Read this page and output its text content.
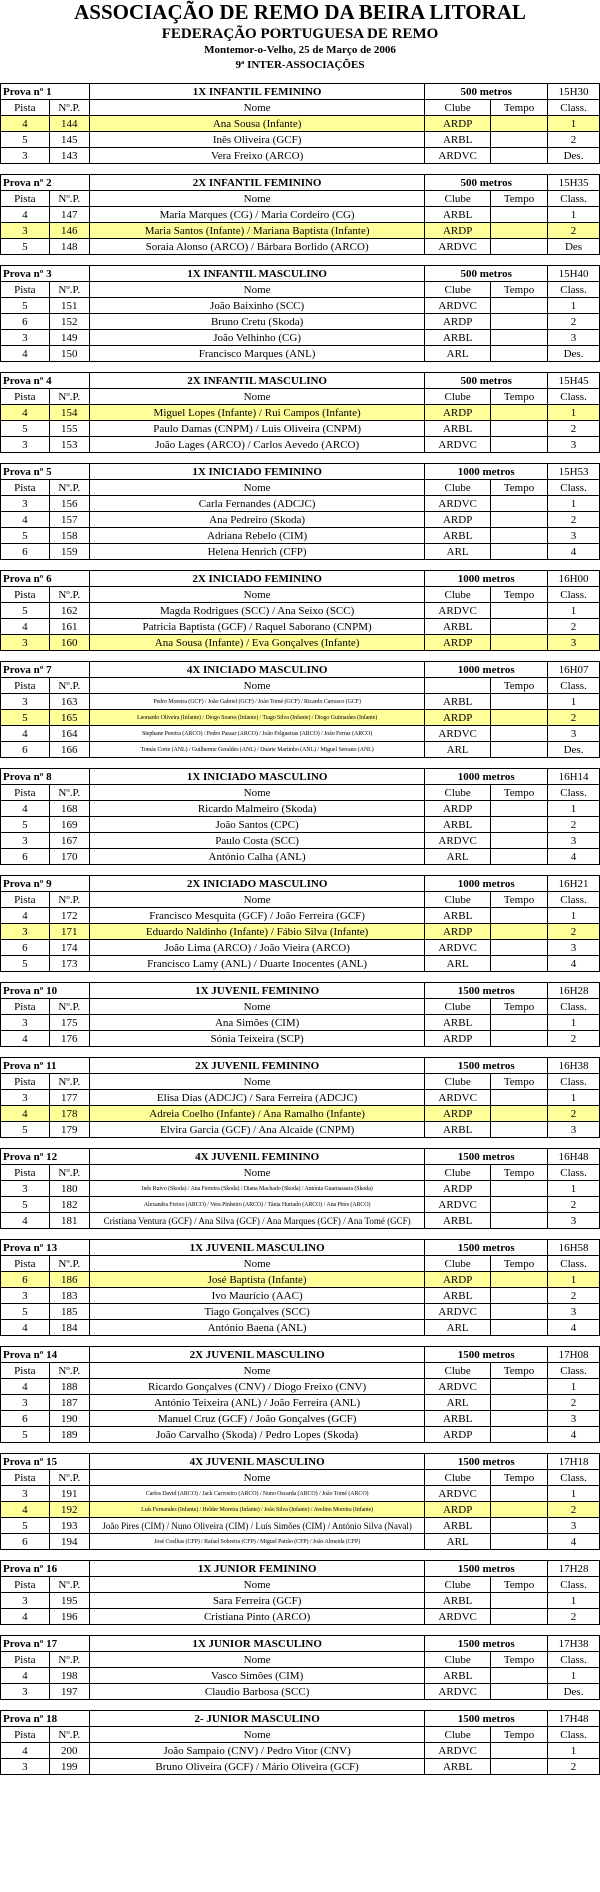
ASSOCIAÇÃO DE REMO DA BEIRA LITORAL
FEDERAÇÃO PORTUGUESA DE REMO
Montemor-o-Velho, 25 de Março de 2006
9ª INTER-ASSOCIAÇÕES
Prova nº 1		1X INFANTIL FEMININO	500 metros		15H30
Pista	Nº.P.	Nome	Clube	Tempo	Class.
4	144	Ana Sousa (Infante)	ARDP		1
5	145	Inês Oliveira (GCF)	ARBL		2
3	143	Vera Freixo (ARCO)	ARDVC		Des.
Prova nº 2		2X INFANTIL FEMININO	500 metros		15H35
Pista	Nº.P.	Nome	Clube	Tempo	Class.
4	147	Maria Marques (CG) / Maria Cordeiro (CG)	ARBL		1
3	146	Maria Santos (Infante) / Mariana Baptista (Infante)	ARDP		2
5	148	Soraia Alonso (ARCO) / Bárbara Borlido (ARCO)	ARDVC		Des
Prova nº 3		1X INFANTIL MASCULINO	500 metros		15H40
Pista	Nº.P.	Nome	Clube	Tempo	Class.
5	151	João Baixinho (SCC)	ARDVC		1
6	152	Bruno Cretu (Skoda)	ARDP		2
3	149	João Velhinho (CG)	ARBL		3
4	150	Francisco Marques (ANL)	ARL		Des.
Prova nº 4		2X INFANTIL MASCULINO	500 metros		15H45
Pista	Nº.P.	Nome	Clube	Tempo	Class.
4	154	Miguel Lopes (Infante) / Rui Campos (Infante)	ARDP		1
5	155	Paulo Damas (CNPM) / Luis Oliveira (CNPM)	ARBL		2
3	153	João Lages (ARCO) / Carlos Aevedo (ARCO)	ARDVC		3
Prova nº 5		1X INICIADO FEMININO	1000 metros		15H53
Pista	Nº.P.	Nome	Clube	Tempo	Class.
3	156	Carla Fernandes (ADCJC)	ARDVC		1
4	157	Ana Pedreiro (Skoda)	ARDP		2
5	158	Adriana Rebelo (CIM)	ARBL		3
6	159	Helena Henrich (CFP)	ARL		4
Prova nº 6		2X INICIADO FEMININO	1000 metros		16H00
Pista	Nº.P.	Nome	Clube	Tempo	Class.
5	162	Magda Rodrigues (SCC) / Ana Seixo (SCC)	ARDVC		1
4	161	Patricia Baptista (GCF) / Raquel Saborano (CNPM)	ARBL		2
3	160	Ana Sousa (Infante) / Eva Gonçalves (Infante)	ARDP		3
Prova nº 7		4X INICIADO MASCULINO	1000 metros		16H07
Pista	Nº.P.	Nome		Tempo	Class.
3	163	Pedro Moreira (GCF) / João Gabriel (GCF) / João Tomé (GCF) / Ricardo Carrasco (GCF)	ARBL		1
5	165	Leonardo Oliveira (Infante) / Diogo Soares (Infante) / Tiago Silva (Infante) / Diogo Guimarães (Infante)	ARDP		2
4	164	Stephane Pereira (ARCO) / Pedro Passar (ARCO) / João Felgueiras (ARCO) / João Ferraz (ARCO)	ARDVC		3
6	166	Tomás Corte (ANL) / Guilherme Geraldes (ANL) / Duarte Martinho (ANL) / Miguel Serrano (ANL)	ARL		Des.
Prova nº 8		1X INICIADO MASCULINO	1000 metros		16H14
Pista	Nº.P.	Nome	Clube	Tempo	Class.
4	168	Ricardo Malmeiro (Skoda)	ARDP		1
5	169	João Santos (CPC)	ARBL		2
3	167	Paulo Costa (SCC)	ARDVC		3
6	170	António Calha (ANL)	ARL		4
Prova nº 9		2X INICIADO MASCULINO	1000 metros		16H21
Pista	Nº.P.	Nome	Clube	Tempo	Class.
4	172	Francisco Mesquita (GCF) / João Ferreira (GCF)	ARBL		1
3	171	Eduardo Naldinho (Infante) / Fábio Silva (Infante)	ARDP		2
6	174	João Lima (ARCO) / João Vieira (ARCO)	ARDVC		3
5	173	Francisco Lamy (ANL) / Duarte Inocentes (ANL)	ARL		4
Prova nº 10		1X JUVENIL FEMININO	1500 metros		16H28
Pista	Nº.P.	Nome	Clube	Tempo	Class.
3	175	Ana Simões (CIM)	ARBL		1
4	176	Sónia Teixeira (SCP)	ARDP		2
Prova nº 11		2X JUVENIL FEMININO	1500 metros		16H38
Pista	Nº.P.	Nome	Clube	Tempo	Class.
3	177	Elisa Dias (ADCJC) / Sara Ferreira (ADCJC)	ARDVC		1
4	178	Adreia Coelho (Infante) / Ana Ramalho (Infante)	ARDP		2
5	179	Elvira Garcia (GCF) / Ana Alcaide (CNPM)	ARBL		3
Prova nº 12		4X JUVENIL FEMININO	1500 metros		16H48
Pista	Nº.P.	Nome	Clube	Tempo	Class.
3	180	Inês Ruivo (Skoda) / Ana Ferreira (Skoda) / Diana Machado (Skoda) / Antónia Guarnassara (Skoda)	ARDP		1
5	182	Alexandra Freixo (ARCO) / Vera Pinheiro (ARCO) / Tânia Hurtado (ARCO) / Ana Pires (ARCO)	ARDVC		2
4	181	Cristiana Ventura (GCF) / Ana Silva (GCF) / Ana Marques (GCF) / Ana Tomé (GCF)	ARBL		3
Prova nº 13		1X JUVENIL MASCULINO	1500 metros		16H58
Pista	Nº.P.	Nome	Clube	Tempo	Class.
6	186	José Baptista (Infante)	ARDP		1
3	183	Ivo Maurício (AAC)	ARBL		2
5	185	Tiago Gonçalves (SCC)	ARDVC		3
4	184	António Baena (ANL)	ARL		4
Prova nº 14		2X JUVENIL MASCULINO	1500 metros		17H08
Pista	Nº.P.	Nome	Clube	Tempo	Class.
4	188	Ricardo Gonçalves (CNV) / Diogo Freixo (CNV)	ARDVC		1
3	187	António Teixeira (ANL) / João Ferreira (ANL)	ARL		2
6	190	Manuel Cruz (GCF) / João Gonçalves (GCF)	ARBL		3
5	189	João Carvalho (Skoda) / Pedro Lopes (Skoda)	ARDP		4
Prova nº 15		4X JUVENIL MASCULINO	1500 metros		17H18
Pista	Nº.P.	Nome	Clube	Tempo	Class.
3	191	Carlos David (ARCO) / Jack Carvoeiro (ARCO) / Nuno Oscarda (ARCO) / João Tomé (ARCO)	ARDVC		1
4	192	Luís Fernandes (Infante) / Helder Moreira (Infante) / João Silva (Infante) / Avelino Moreira (Infante)	ARDP		2
5	193	João Pires (CIM) / Nuno Oliveira (CIM) / Luís Simões (CIM) / António Silva (Naval)	ARBL		3
6	194	José Coelhas (CFP) / Rafael Sobreira (CFP) / Miguel Patrão (CFP) / João Almeida (CFP)	ARL		4
Prova nº 16		1X JUNIOR FEMININO	1500 metros		17H28
Pista	Nº.P.	Nome	Clube	Tempo	Class.
3	195	Sara Ferreira (GCF)	ARBL		1
4	196	Cristiana Pinto (ARCO)	ARDVC		2
Prova nº 17		1X JUNIOR MASCULINO	1500 metros		17H38
Pista	Nº.P.	Nome	Clube	Tempo	Class.
4	198	Vasco Simões (CIM)	ARBL		1
3	197	Claudio Barbosa (SCC)	ARDVC		Des.
Prova nº 18		2- JUNIOR MASCULINO	1500 metros		17H48
Pista	Nº.P.	Nome	Clube	Tempo	Class.
4	200	João Sampaio (CNV) / Pedro Vitor (CNV)	ARDVC		1
3	199	Bruno Oliveira (GCF) / Mário Oliveira (GCF)	ARBL		2
